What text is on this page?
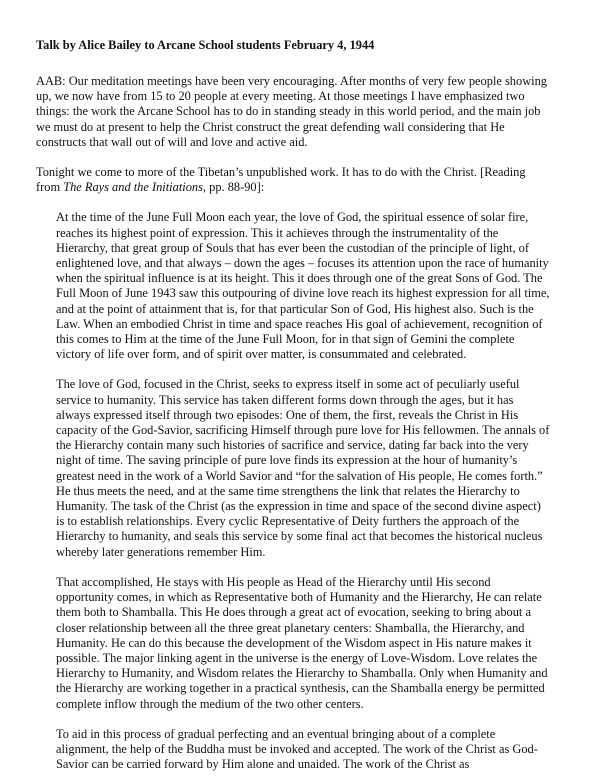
Talk by Alice Bailey to Arcane School students February 4, 1944

AAB: Our meditation meetings have been very encouraging. After months of very few people showing up, we now have from 15 to 20 people at every meeting. At those meetings I have emphasized two things: the work the Arcane School has to do in standing steady in this world period, and the main job we must do at present to help the Christ construct the great defending wall considering that He constructs that wall out of will and love and active aid.

Tonight we come to more of the Tibetan’s unpublished work. It has to do with the Christ. [Reading from The Rays and the Initiations, pp. 88-90]:

At the time of the June Full Moon each year, the love of God, the spiritual essence of solar fire, reaches its highest point of expression. This it achieves through the instrumentality of the Hierarchy, that great group of Souls that has ever been the custodian of the principle of light, of enlightened love, and that always – down the ages – focuses its attention upon the race of humanity when the spiritual influence is at its height. This it does through one of the great Sons of God. The Full Moon of June 1943 saw this outpouring of divine love reach its highest expression for all time, and at the point of attainment that is, for that particular Son of God, His highest also. Such is the Law. When an embodied Christ in time and space reaches His goal of achievement, recognition of this comes to Him at the time of the June Full Moon, for in that sign of Gemini the complete victory of life over form, and of spirit over matter, is consummated and celebrated.

The love of God, focused in the Christ, seeks to express itself in some act of peculiarly useful service to humanity. This service has taken different forms down through the ages, but it has always expressed itself through two episodes: One of them, the first, reveals the Christ in His capacity of the God-Savior, sacrificing Himself through pure love for His fellowmen. The annals of the Hierarchy contain many such histories of sacrifice and service, dating far back into the very night of time. The saving principle of pure love finds its expression at the hour of humanity’s greatest need in the work of a World Savior and “for the salvation of His people, He comes forth.” He thus meets the need, and at the same time strengthens the link that relates the Hierarchy to Humanity. The task of the Christ (as the expression in time and space of the second divine aspect) is to establish relationships. Every cyclic Representative of Deity furthers the approach of the Hierarchy to humanity, and seals this service by some final act that becomes the historical nucleus whereby later generations remember Him.

That accomplished, He stays with His people as Head of the Hierarchy until His second opportunity comes, in which as Representative both of Humanity and the Hierarchy, He can relate them both to Shamballa. This He does through a great act of evocation, seeking to bring about a closer relationship between all the three great planetary centers: Shamballa, the Hierarchy, and Humanity. He can do this because the development of the Wisdom aspect in His nature makes it possible. The major linking agent in the universe is the energy of Love-Wisdom. Love relates the Hierarchy to Humanity, and Wisdom relates the Hierarchy to Shamballa. Only when Humanity and the Hierarchy are working together in a practical synthesis, can the Shamballa energy be permitted complete inflow through the medium of the two other centers.

To aid in this process of gradual perfecting and an eventual bringing about of a complete alignment, the help of the Buddha must be invoked and accepted. The work of the Christ as God-Savior can be carried forward by Him alone and unaided. The work of the Christ as
